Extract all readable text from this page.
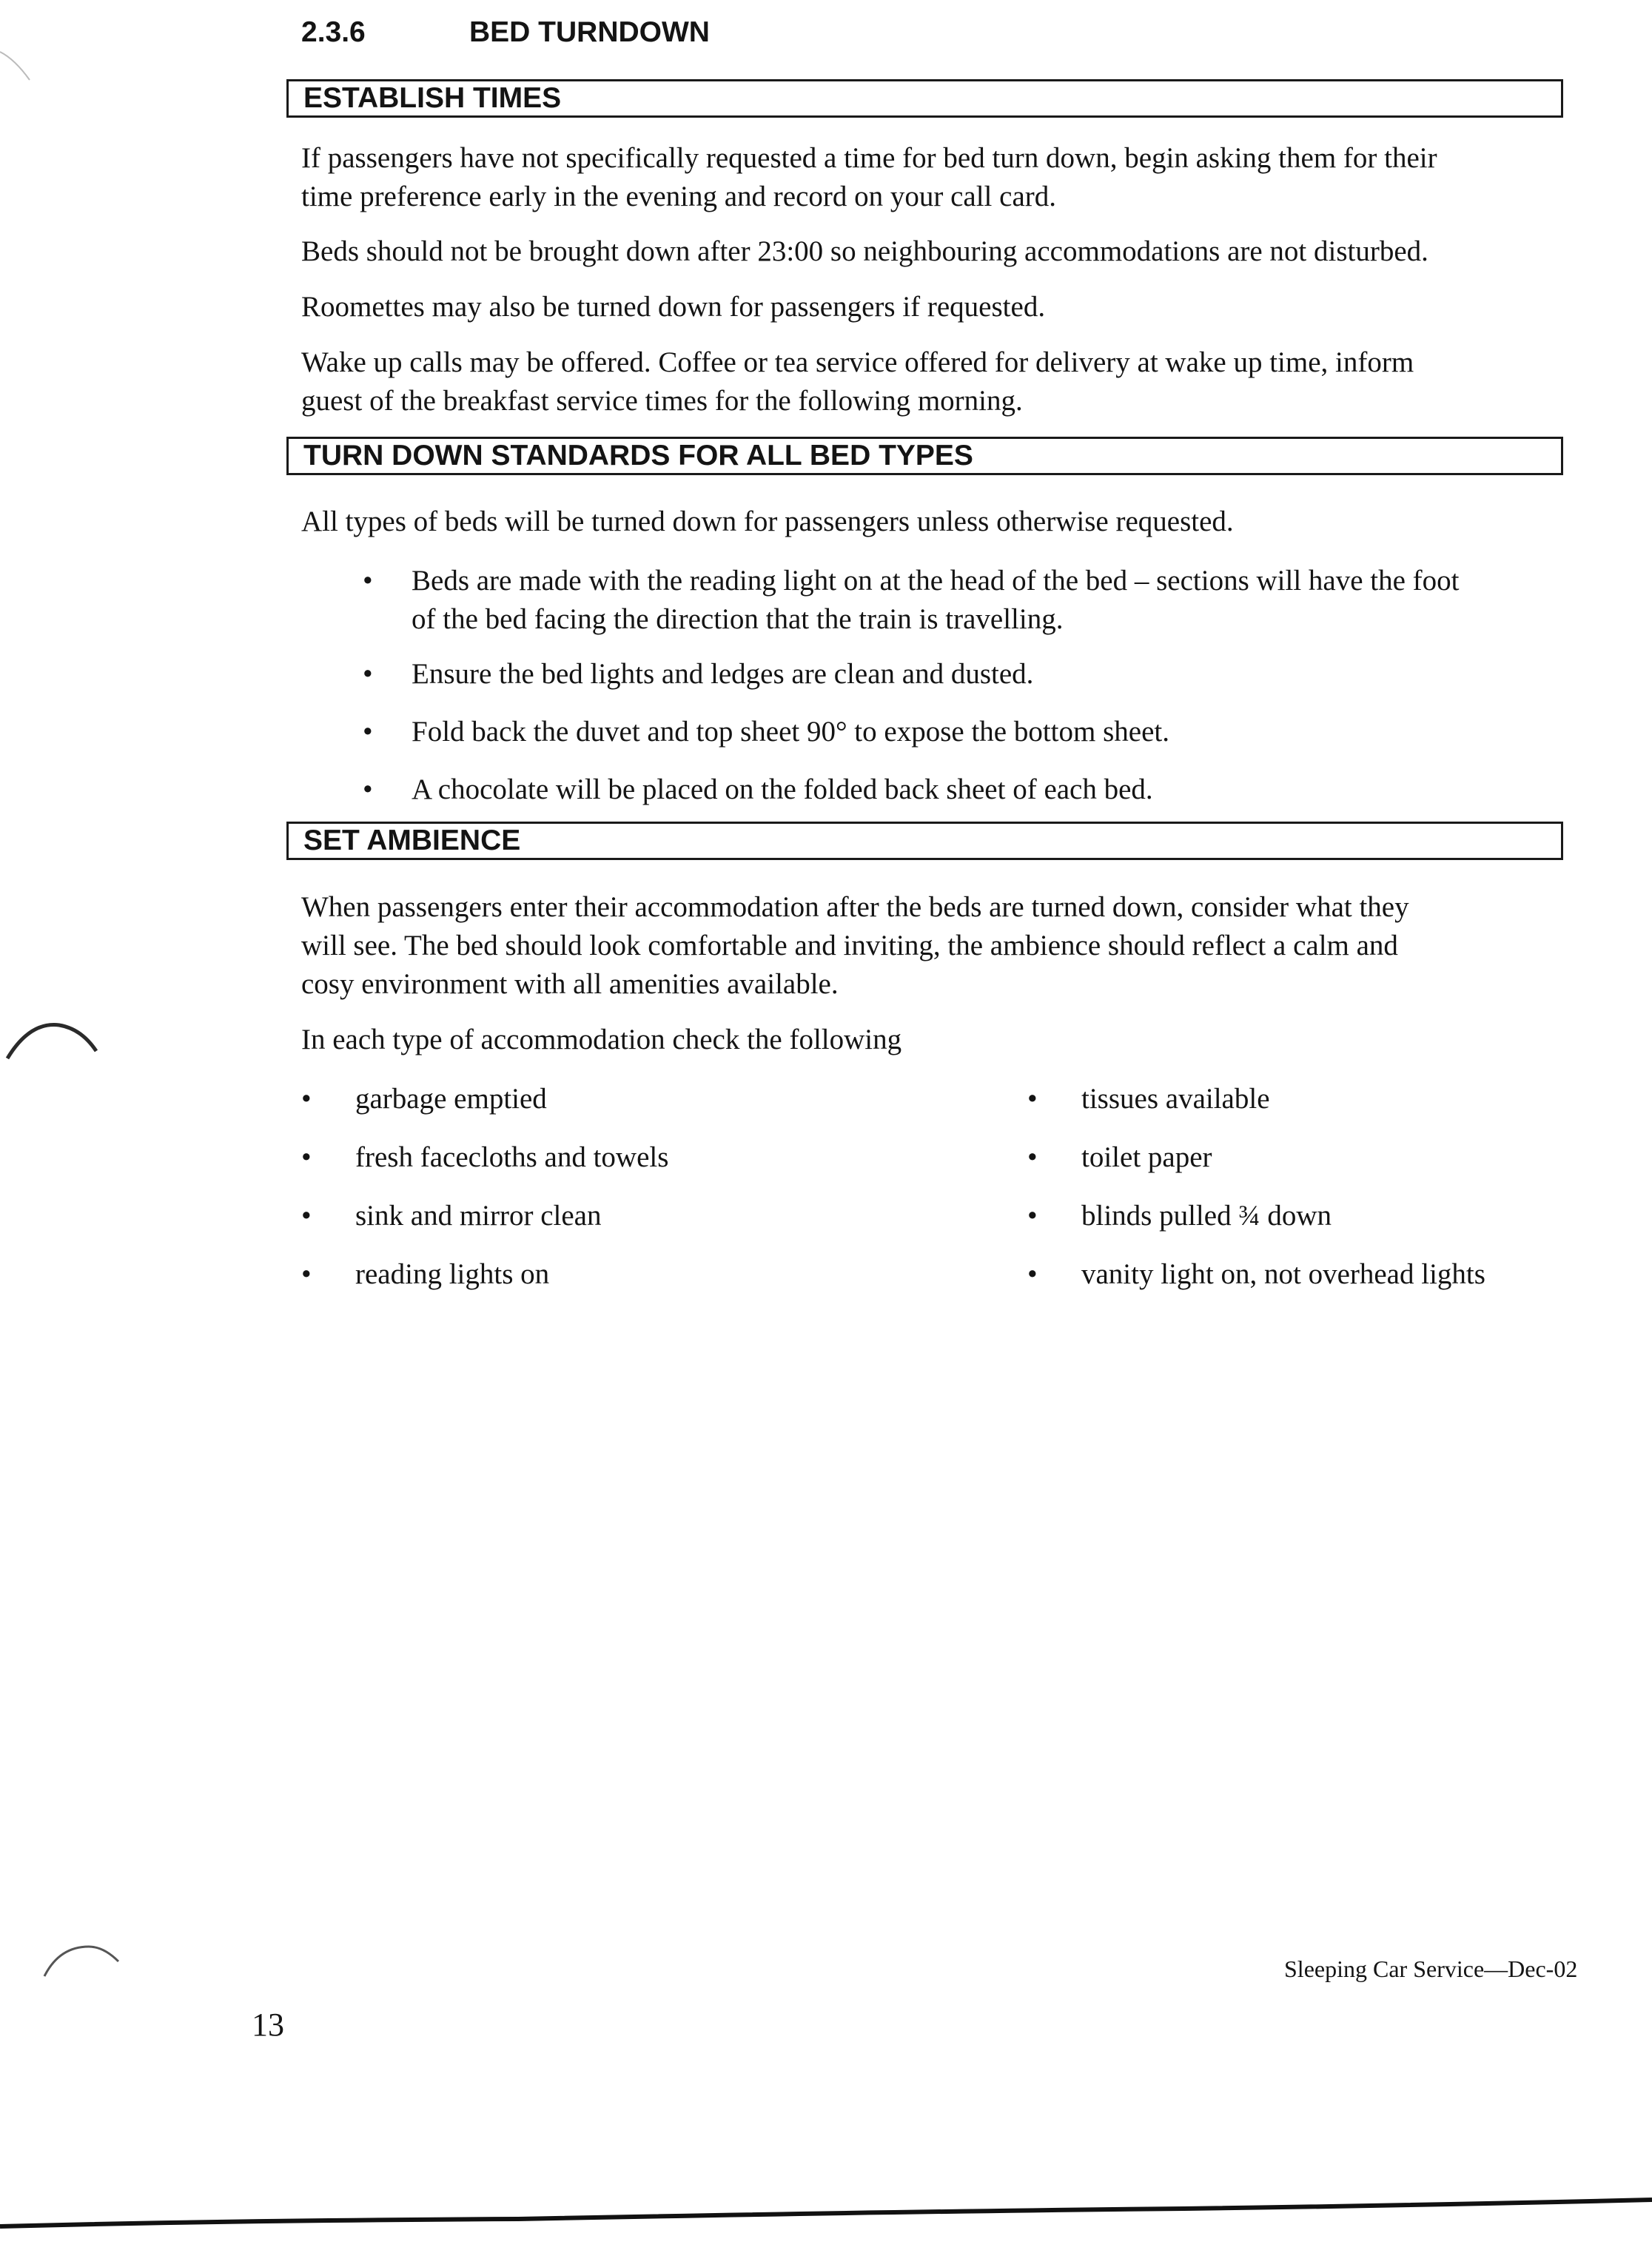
2.3.6	BED TURNDOWN
ESTABLISH TIMES
If passengers have not specifically requested a time for bed turn down, begin asking them for their
time preference early in the evening and record on your call card.
Beds should not be brought down after 23:00 so neighbouring accommodations are not disturbed.
Roomettes may also be turned down for passengers if requested.
Wake up calls may be offered. Coffee or tea service offered for delivery at wake up time, inform
guest of the breakfast service times for the following morning.
TURN DOWN STANDARDS FOR ALL BED TYPES
All types of beds will be turned down for passengers unless otherwise requested.
• Beds are made with the reading light on at the head of the bed – sections will have the foot
of the bed facing the direction that the train is travelling.
• Ensure the bed lights and ledges are clean and dusted.
• Fold back the duvet and top sheet 90° to expose the bottom sheet.
• A chocolate will be placed on the folded back sheet of each bed.
SET AMBIENCE
When passengers enter their accommodation after the beds are turned down, consider what they
will see. The bed should look comfortable and inviting, the ambience should reflect a calm and
cosy environment with all amenities available.
In each type of accommodation check the following
• garbage emptied
• fresh facecloths and towels
• sink and mirror clean
• reading lights on
• tissues available
• toilet paper
• blinds pulled ¾ down
• vanity light on, not overhead lights
Sleeping Car Service—Dec-02
13
